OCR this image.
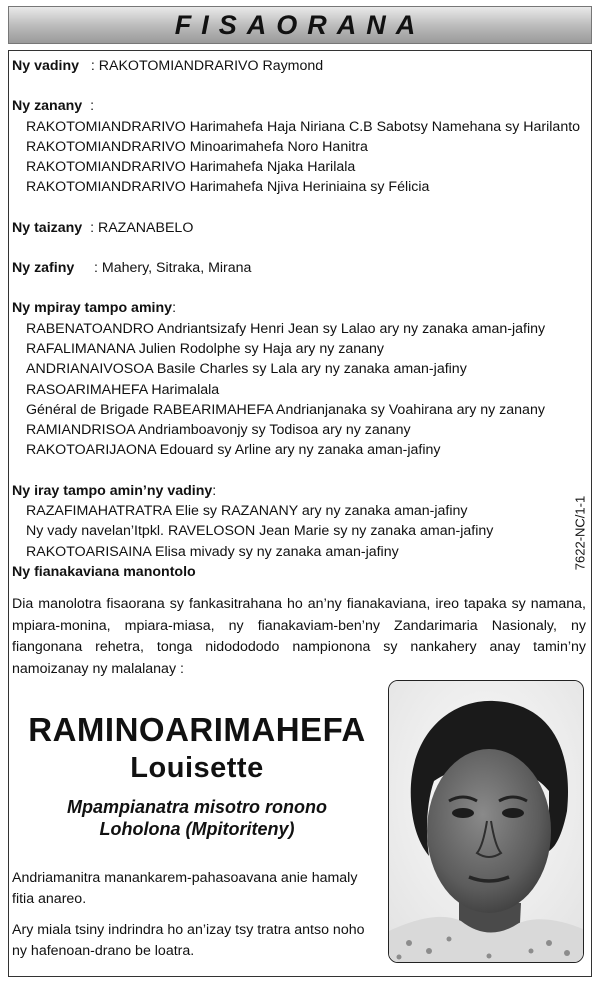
FISAORANA
Ny vadiny : RAKOTOMIANDRARIVO Raymond
Ny zanany :
RAKOTOMIANDRARIVO Harimahefa Haja Niriana C.B Sabotsy Namehana sy Harilanto
RAKOTOMIANDRARIVO Minoarimahefa Noro Hanitra
RAKOTOMIANDRARIVO Harimahefa Njaka Harilala
RAKOTOMIANDRARIVO Harimahefa Njiva Heriniaina sy Félicia
Ny taizany : RAZANABELO
Ny zafiny : Mahery, Sitraka, Mirana
Ny mpiray tampo aminy:
RABENATOANDRO Andriantsizafy Henri Jean sy Lalao ary ny zanaka aman-jafiny
RAFALIMANANA Julien Rodolphe sy Haja ary ny zanany
ANDRIANAIVOSOA Basile Charles sy Lala ary ny zanaka aman-jafiny
RASOARIMAHEFA Harimalala
Général de Brigade RABEARIMAHEFA Andrianjanaka sy Voahirana ary ny zanany
RAMIANDRISOA Andriamboavonjy sy Todisoa ary ny zanany
RAKOTOARIJAONA Edouard sy Arline ary ny zanaka aman-jafiny
Ny iray tampo amin’ny vadiny:
RAZAFIMAHATRATRA Elie sy RAZANANY ary ny zanaka aman-jafiny
Ny vady navelan’Itpkl. RAVELOSON Jean Marie sy ny zanaka aman-jafiny
RAKOTOARISAINA Elisa mivady sy ny zanaka aman-jafiny
Ny fianakaviana manontolo
Dia manolotra fisaorana sy fankasitrahana ho an’ny fianakaviana, ireo tapaka sy namana, mpiara-monina, mpiara-miasa, ny fianakaviam-ben’ny Zandarimaria Nasionaly, ny fiangonana rehetra, tonga nidodododo nampionona sy nankahery anay tamin’ny namoizanay ny malalanay :
7622-NC/1-1
RAMINOARIMAHEFA
Louisette
Mpampianatra misotro ronono
Loholona (Mpitoriteny)

Andriamanitra manankarem-pahasoavana anie hamaly fitia anareo.

Ary miala tsiny indrindra ho an’izay tsy tratra antso noho ny hafenoan-drano be loatra.
